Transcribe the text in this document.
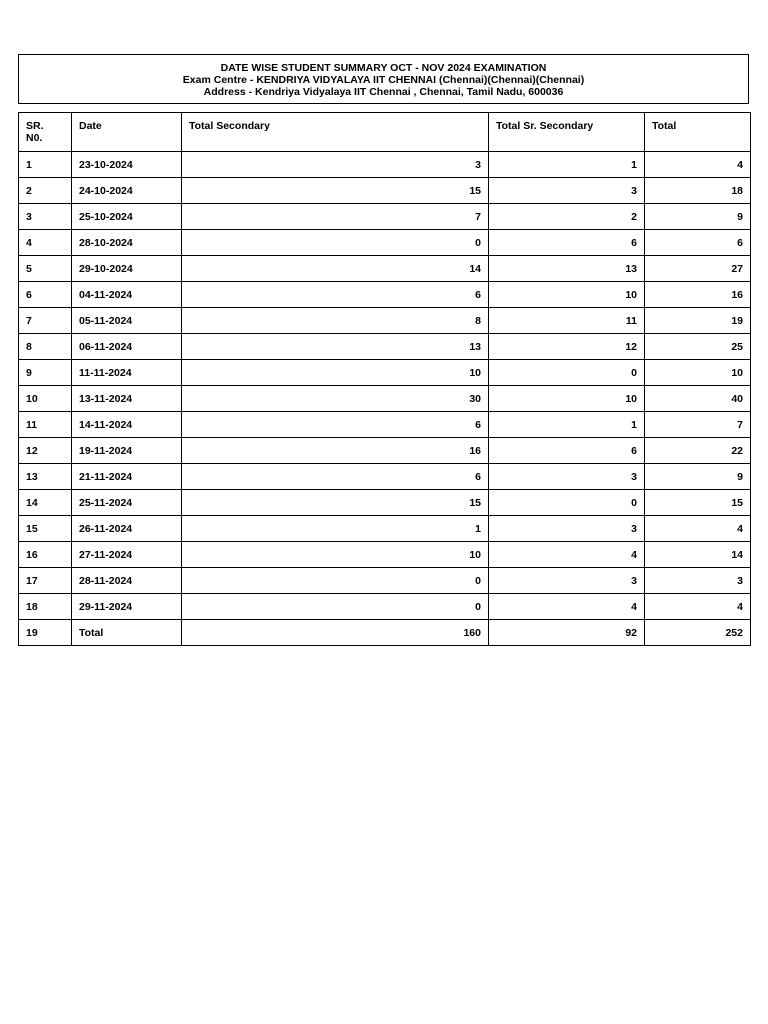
DATE WISE STUDENT SUMMARY OCT - NOV 2024 EXAMINATION
Exam Centre - KENDRIYA VIDYALAYA IIT CHENNAI (Chennai)(Chennai)(Chennai)
Address - Kendriya Vidyalaya IIT Chennai , Chennai, Tamil Nadu, 600036
SR.
N0.	Date	Total Secondary	Total Sr. Secondary	Total

1	23-10-2024	3	1	4

2	24-10-2024	15	3	18

3	25-10-2024	7	2	9

4	28-10-2024	0	6	6

5	29-10-2024	14	13	27

6	04-11-2024	6	10	16

7	05-11-2024	8	11	19

8	06-11-2024	13	12	25

9	11-11-2024	10	0	10

10	13-11-2024	30	10	40

11	14-11-2024	6	1	7

12	19-11-2024	16	6	22

13	21-11-2024	6	3	9

14	25-11-2024	15	0	15

15	26-11-2024	1	3	4

16	27-11-2024	10	4	14

17	28-11-2024	0	3	3

18	29-11-2024	0	4	4

19	Total	160	92	252
